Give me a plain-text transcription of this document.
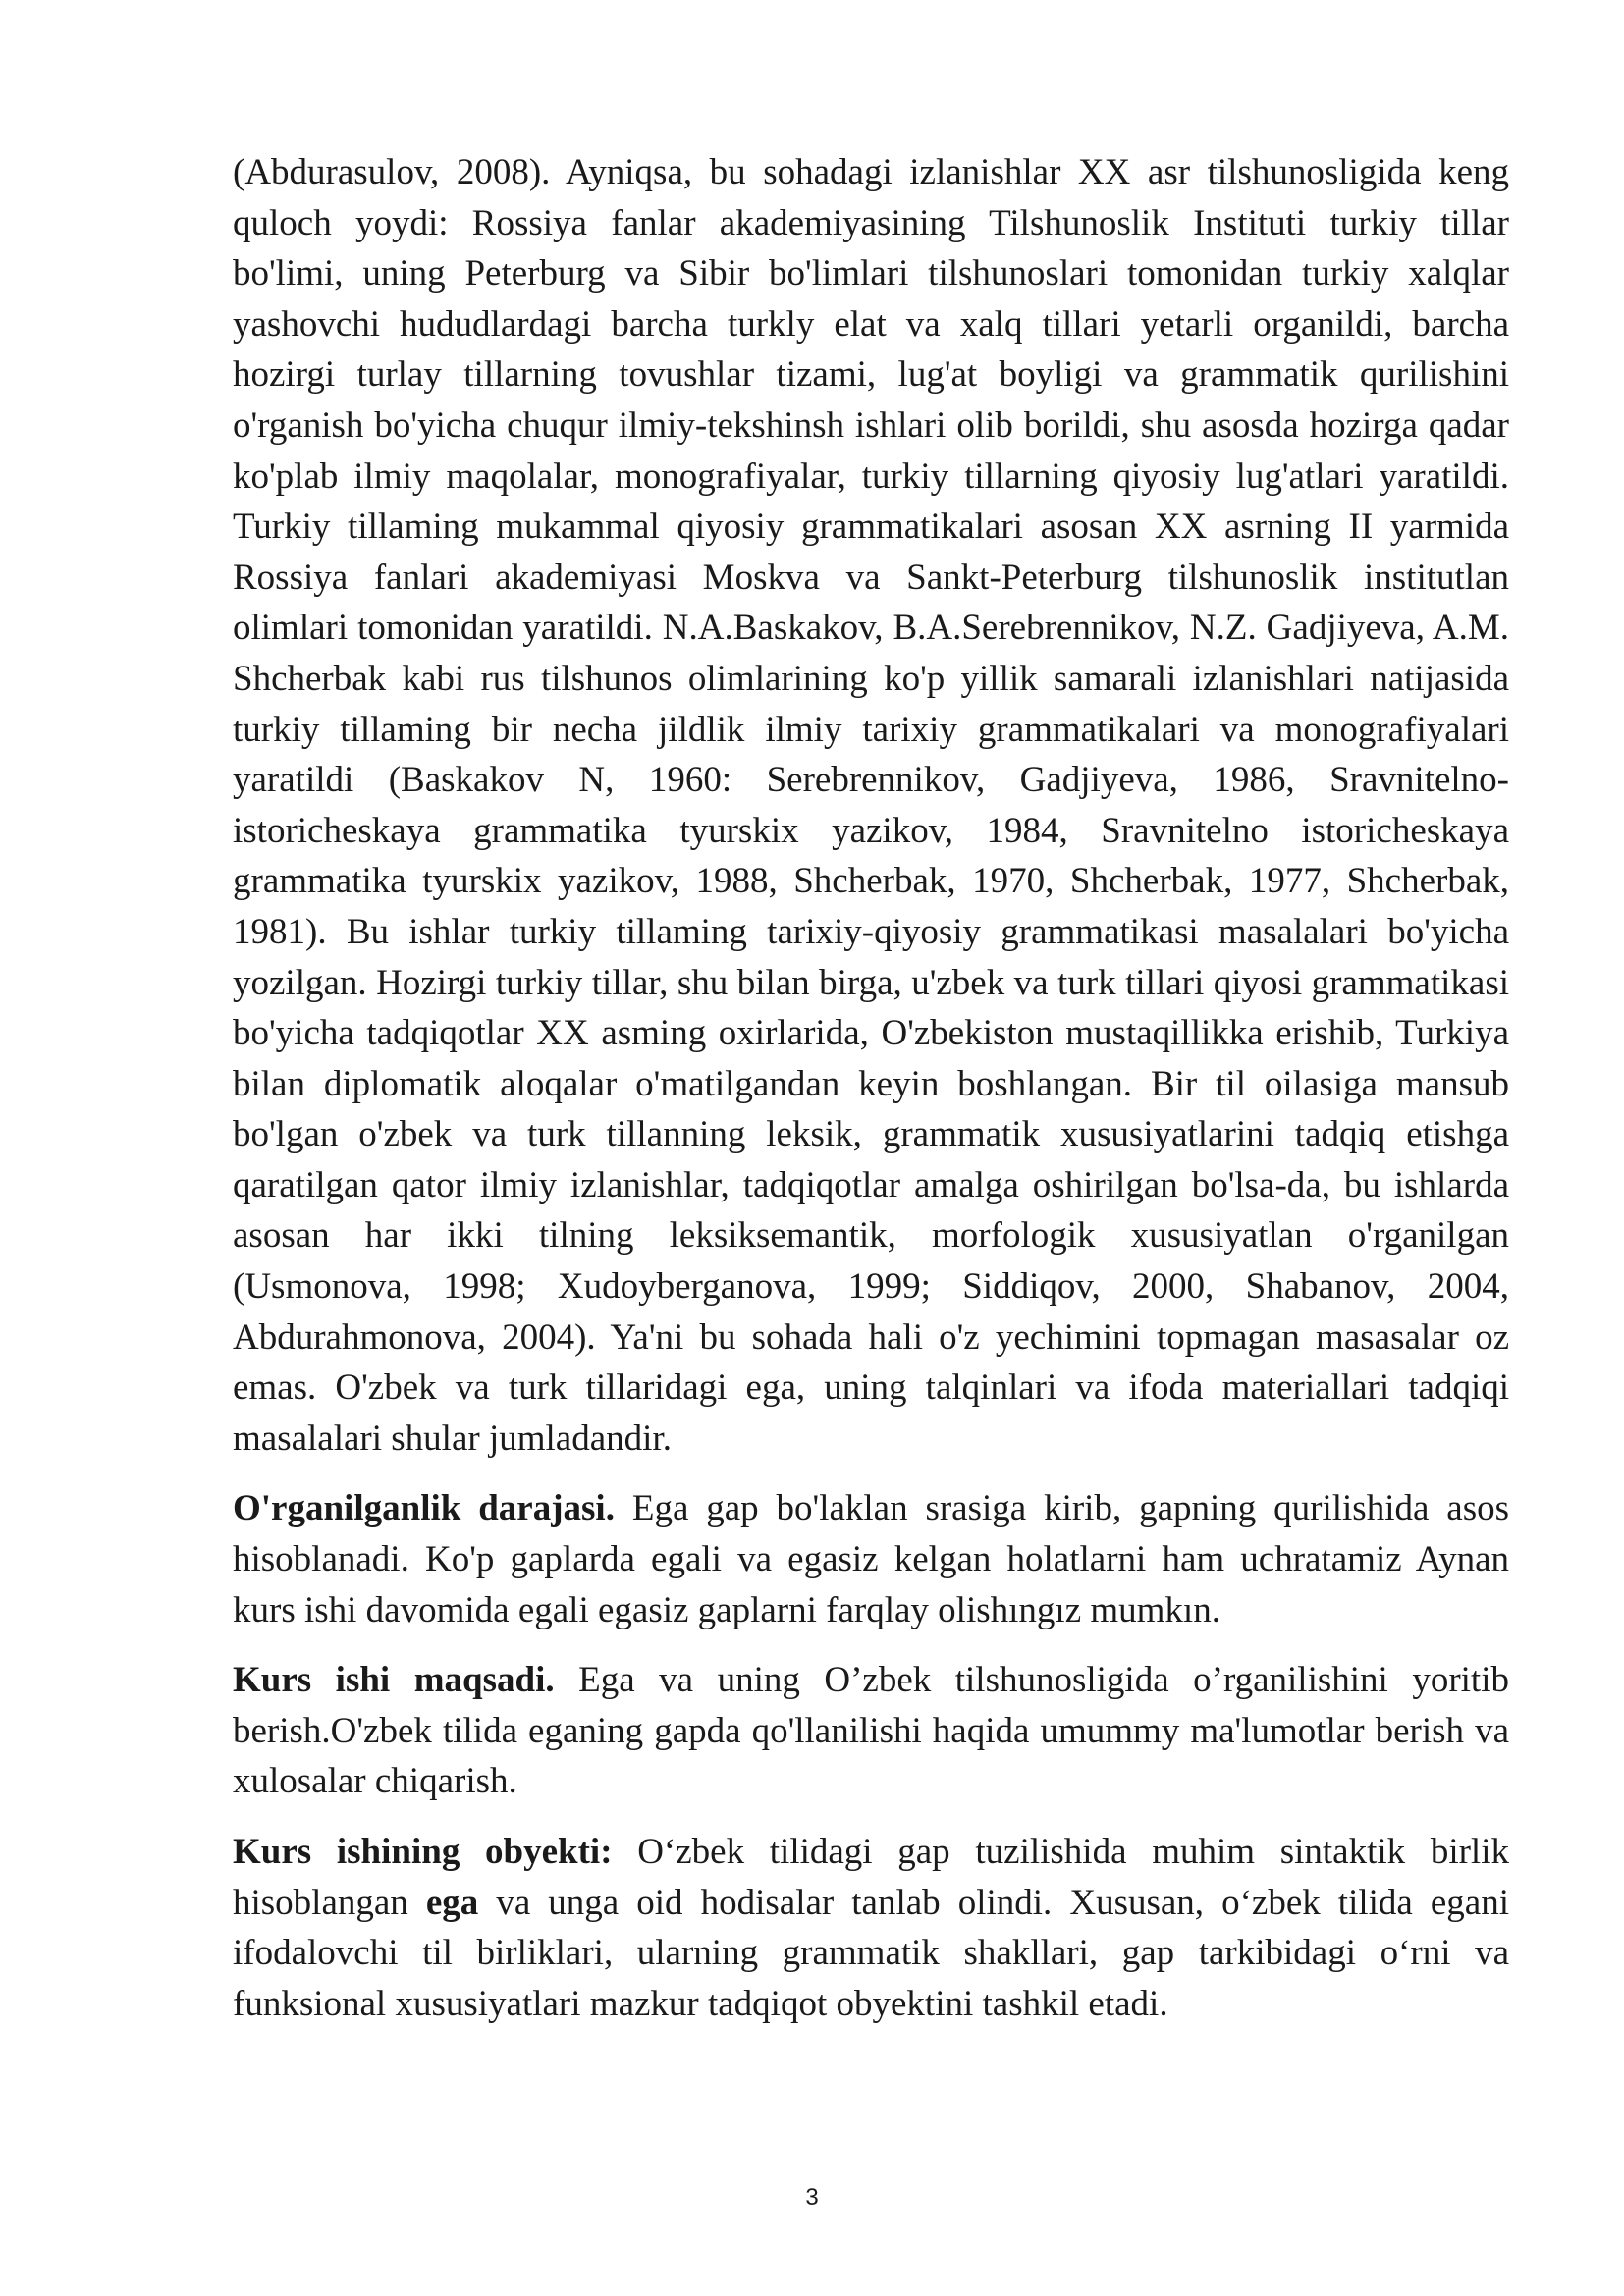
(Abdurasulov, 2008). Ayniqsa, bu sohadagi izlanishlar XX asr tilshunosligida keng quloch yoydi: Rossiya fanlar akademiyasining Tilshunoslik Instituti turkiy tillar bo'limi, uning Peterburg va Sibir bo'limlari tilshunoslari tomonidan turkiy xalqlar yashovchi hududlardagi barcha turkly elat va xalq tillari yetarli organildi, barcha hozirgi turlay tillarning tovushlar tizami, lug'at boyligi va grammatik qurilishini o'rganish bo'yicha chuqur ilmiy-tekshinsh ishlari olib borildi, shu asosda hozirga qadar ko'plab ilmiy maqolalar, monografiyalar, turkiy tillarning qiyosiy lug'atlari yaratildi. Turkiy tillaming mukammal qiyosiy grammatikalari asosan XX asrning II yarmida Rossiya fanlari akademiyasi Moskva va Sankt-Peterburg tilshunoslik institutlan olimlari tomonidan yaratildi. N.A.Baskakov, B.A.Serebrennikov, N.Z. Gadjiyeva, A.M. Shcherbak kabi rus tilshunos olimlarining ko'p yillik samarali izlanishlari natijasida turkiy tillaming bir necha jildlik ilmiy tarixiy grammatikalari va monografiyalari yaratildi (Baskakov N, 1960: Serebrennikov, Gadjiyeva, 1986, Sravnitelno- istoricheskaya grammatika tyurskix yazikov, 1984, Sravnitelno istoricheskaya grammatika tyurskix yazikov, 1988, Shcherbak, 1970, Shcherbak, 1977, Shcherbak, 1981). Bu ishlar turkiy tillaming tarixiy-qiyosiy grammatikasi masalalari bo'yicha yozilgan. Hozirgi turkiy tillar, shu bilan birga, u'zbek va turk tillari qiyosi grammatikasi bo'yicha tadqiqotlar XX asming oxirlarida, O'zbekiston mustaqillikka erishib, Turkiya bilan diplomatik aloqalar o'matilgandan keyin boshlangan. Bir til oilasiga mansub bo'lgan o'zbek va turk tillanning leksik, grammatik xususiyatlarini tadqiq etishga qaratilgan qator ilmiy izlanishlar, tadqiqotlar amalga oshirilgan bo'lsa-da, bu ishlarda asosan har ikki tilning leksiksemantik, morfologik xususiyatlan o'rganilgan (Usmonova, 1998; Xudoyberganova, 1999; Siddiqov, 2000, Shabanov, 2004, Abdurahmonova, 2004). Ya'ni bu sohada hali o'z yechimini topmagan masasalar oz emas. O'zbek va turk tillaridagi ega, uning talqinlari va ifoda materiallari tadqiqi masalalari shular jumladandir.

O'rganilganlik darajasi. Ega gap bo'laklan srasiga kirib, gapning qurilishida asos hisoblanadi. Ko'p gaplarda egali va egasiz kelgan holatlarni ham uchratamiz Aynan kurs ishi davomida egali egasiz gaplarni farqlay olishıngız mumkın.

Kurs ishi maqsadi. Ega va uning O’zbek tilshunosligida o’rganilishini yoritib berish.O'zbek tilida eganing gapda qo'llanilishi haqida umummy ma'lumotlar berish va xulosalar chiqarish.

Kurs ishining obyekti: O‘zbek tilidagi gap tuzilishida muhim sintaktik birlik hisoblangan ega va unga oid hodisalar tanlab olindi. Xususan, o‘zbek tilida egani ifodalovchi til birliklari, ularning grammatik shakllari, gap tarkibidagi o‘rni va funksional xususiyatlari mazkur tadqiqot obyektini tashkil etadi.

3
